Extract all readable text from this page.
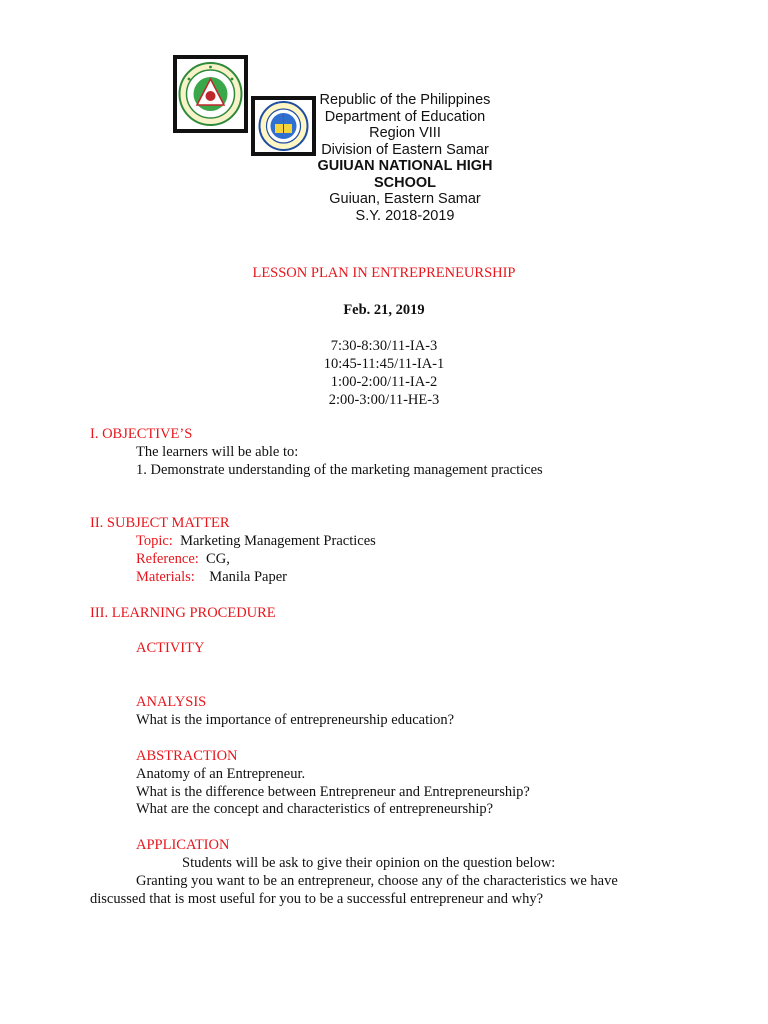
Republic of the Philippines
Department of Education
Region VIII
Division of Eastern Samar
GUIUAN NATIONAL HIGH SCHOOL
Guiuan, Eastern Samar
S.Y. 2018-2019
LESSON PLAN IN ENTREPRENEURSHIP
Feb. 21, 2019
7:30-8:30/11-IA-3
10:45-11:45/11-IA-1
1:00-2:00/11-IA-2
2:00-3:00/11-HE-3
I. OBJECTIVE’S
The learners will be able to:
1. Demonstrate understanding of the marketing management practices
II. SUBJECT MATTER
Topic: Marketing Management Practices
Reference: CG,
Materials: Manila Paper
III. LEARNING PROCEDURE
ACTIVITY
ANALYSIS
What is the importance of entrepreneurship education?
ABSTRACTION
Anatomy of an Entrepreneur.
What is the difference between Entrepreneur and Entrepreneurship?
What are the concept and characteristics of entrepreneurship?
APPLICATION
Students will be ask to give their opinion on the question below:
Granting you want to be an entrepreneur, choose any of the characteristics we have
discussed that is most useful for you to be a successful entrepreneur and why?
